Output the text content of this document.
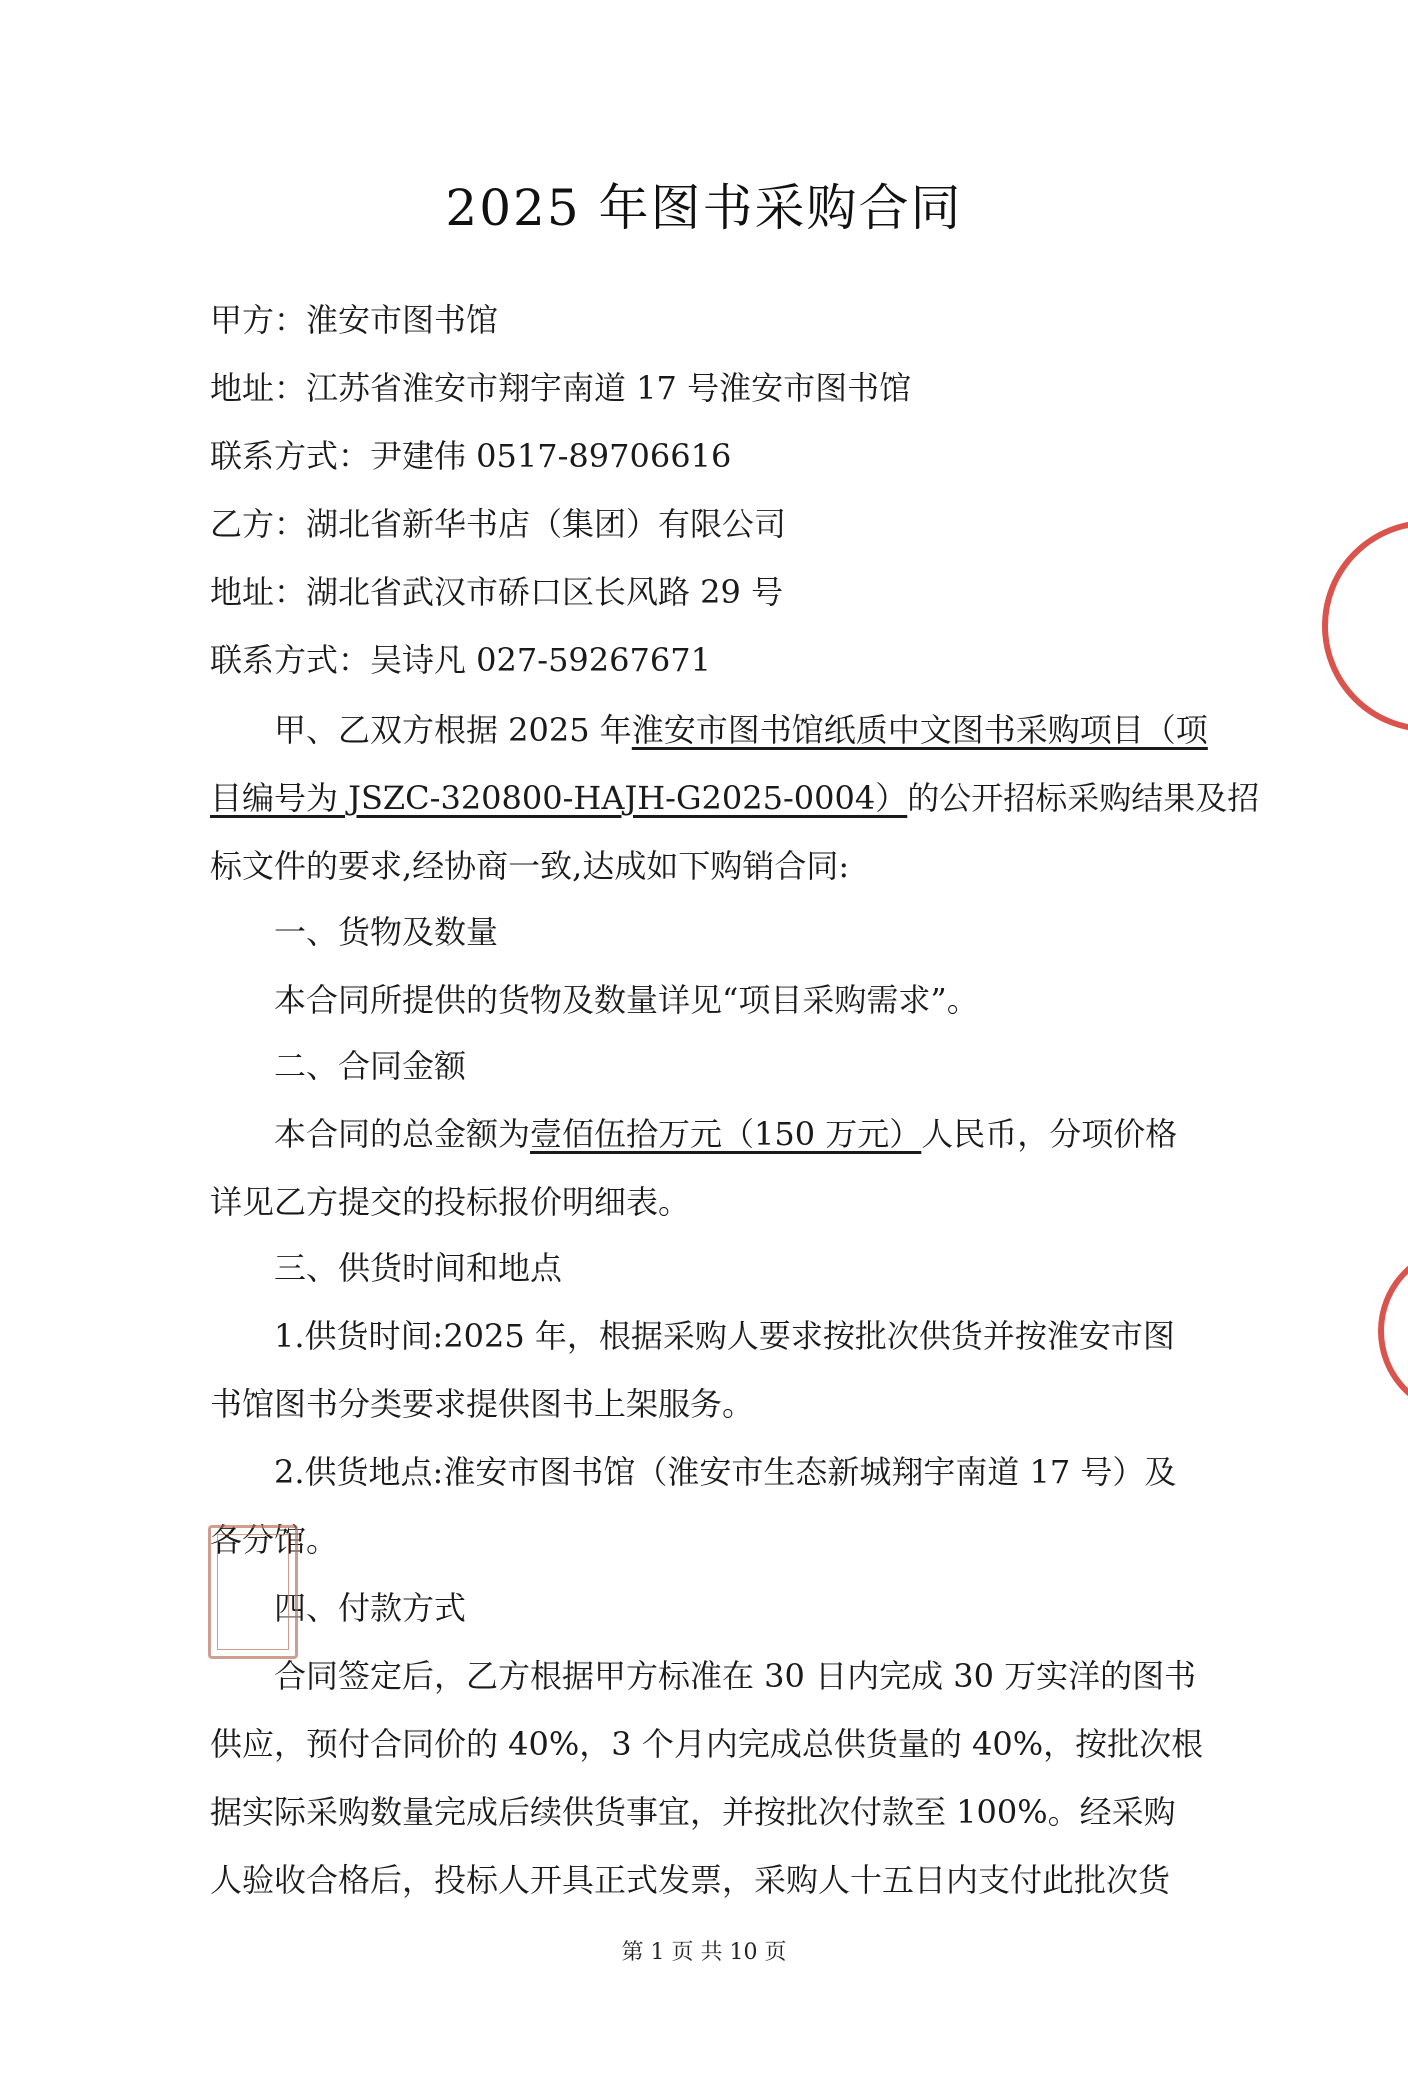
2025 年图书采购合同
甲方：淮安市图书馆
地址：江苏省淮安市翔宇南道 17 号淮安市图书馆
联系方式：尹建伟 0517-89706616
乙方：湖北省新华书店（集团）有限公司
地址：湖北省武汉市硚口区长风路 29 号
联系方式：吴诗凡 027-59267671
甲、乙双方根据 2025 年淮安市图书馆纸质中文图书采购项目（项
目编号为 JSZC-320800-HAJH-G2025-0004）的公开招标采购结果及招
标文件的要求,经协商一致,达成如下购销合同:
一、货物及数量
本合同所提供的货物及数量详见“项目采购需求”。
二、合同金额
本合同的总金额为壹佰伍拾万元（150 万元）人民币，分项价格
详见乙方提交的投标报价明细表。
三、供货时间和地点
1.供货时间:2025 年，根据采购人要求按批次供货并按淮安市图
书馆图书分类要求提供图书上架服务。
2.供货地点:淮安市图书馆（淮安市生态新城翔宇南道 17 号）及
各分馆。
四、付款方式
合同签定后，乙方根据甲方标准在 30 日内完成 30 万实洋的图书
供应，预付合同价的 40%，3 个月内完成总供货量的 40%，按批次根
据实际采购数量完成后续供货事宜，并按批次付款至 100%。经采购
人验收合格后，投标人开具正式发票，采购人十五日内支付此批次货
第 1 页 共 10 页
